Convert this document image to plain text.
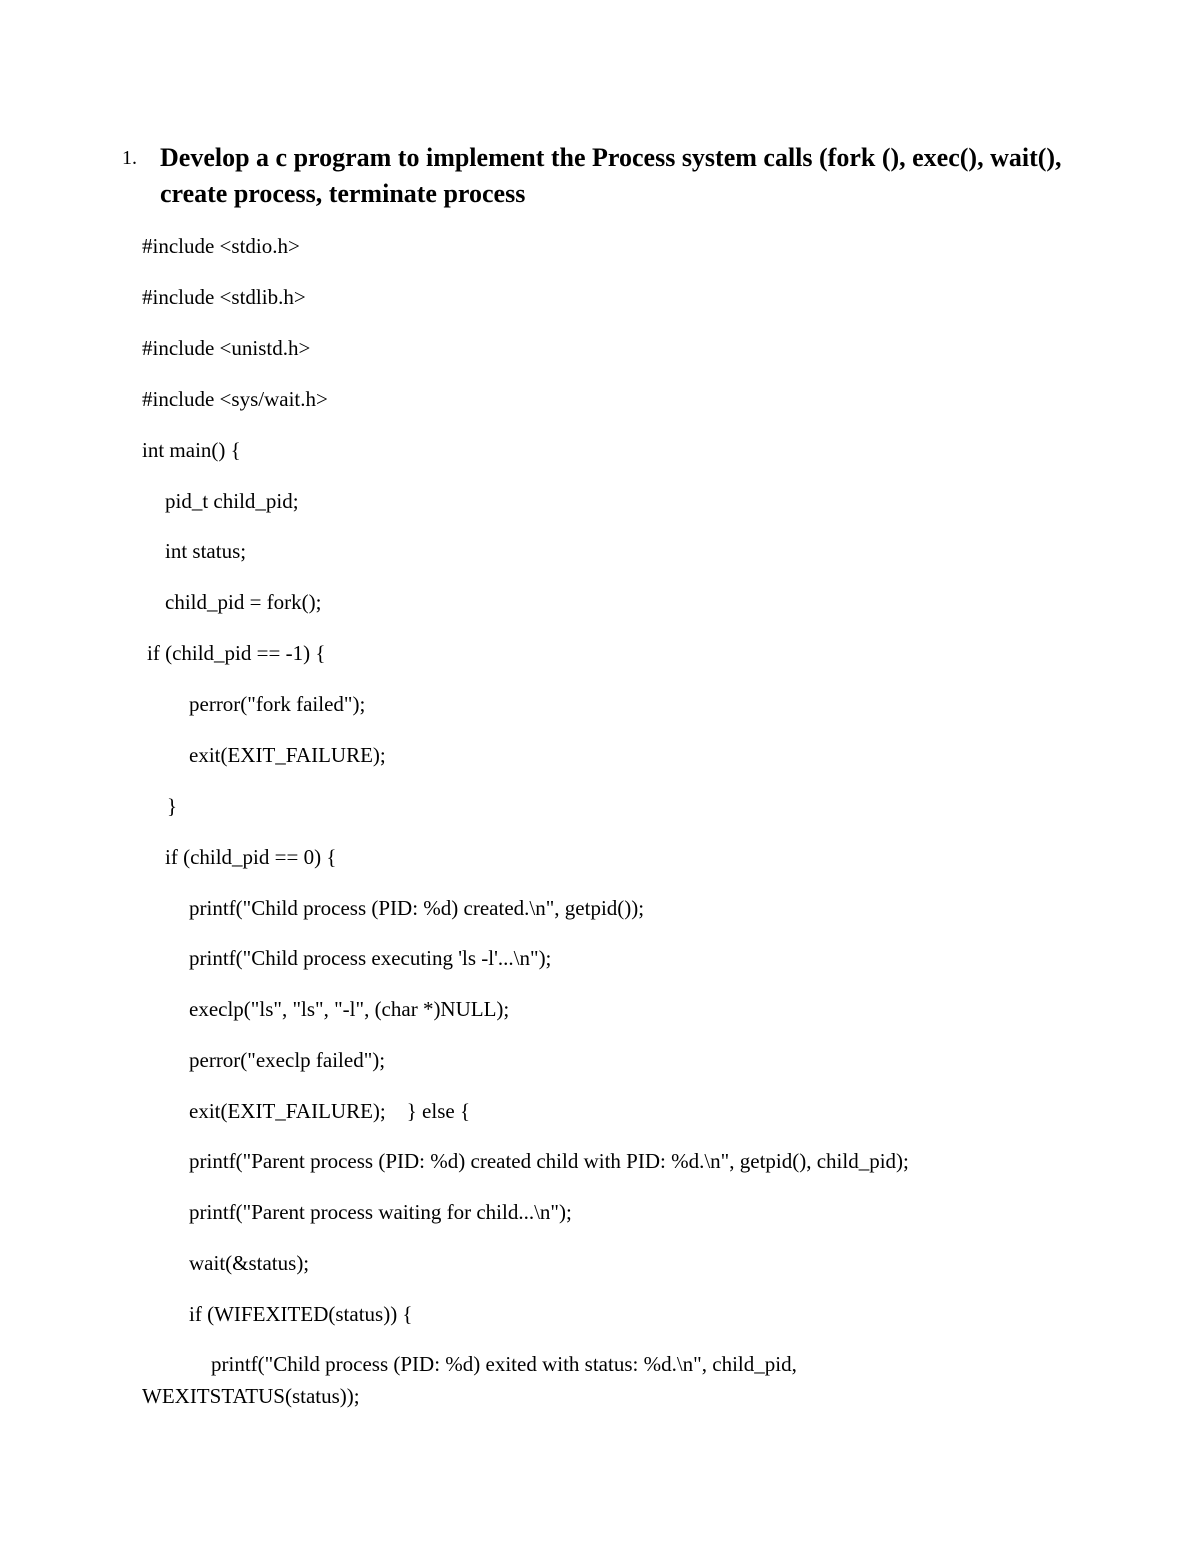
1. Develop a c program to implement the Process system calls (fork (), exec(), wait(), create process, terminate process
#include <stdio.h>
#include <stdlib.h>
#include <unistd.h>
#include <sys/wait.h>
int main() {
pid_t child_pid;
int status;
child_pid = fork();
if (child_pid == -1) {
perror("fork failed");
exit(EXIT_FAILURE);
}
if (child_pid == 0) {
printf("Child process (PID: %d) created.\n", getpid());
printf("Child process executing 'ls -l'...\n");
execlp("ls", "ls", "-l", (char *)NULL);
perror("execlp failed");
exit(EXIT_FAILURE);    } else {
printf("Parent process (PID: %d) created child with PID: %d.\n", getpid(), child_pid);
printf("Parent process waiting for child...\n");
wait(&status);
if (WIFEXITED(status)) {
printf("Child process (PID: %d) exited with status: %d.\n", child_pid,
WEXITSTATUS(status));
